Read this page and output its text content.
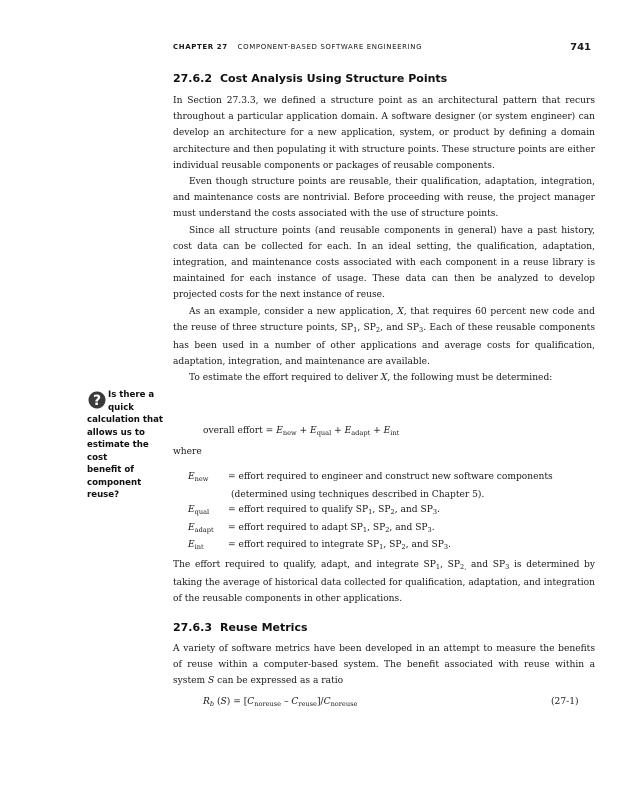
CHAPTER 27 COMPONENT-BASED SOFTWARE ENGINEERING	741
27.6.2 Cost Analysis Using Structure Points

In Section 27.3.3, we defined a structure point as an architectural pattern that recurs throughout a particular application domain. A software designer (or system engineer) can develop an architecture for a new application, system, or product by defining a domain architecture and then populating it with structure points. These structure points are either individual reusable components or packages of reusable components.

Even though structure points are reusable, their qualification, adaptation, integration, and maintenance costs are nontrivial. Before proceeding with reuse, the project manager must understand the costs associated with the use of structure points.

Since all structure points (and reusable components in general) have a past history, cost data can be collected for each. In an ideal setting, the qualification, adaptation, integration, and maintenance costs associated with each component in a reuse library is maintained for each instance of usage. These data can then be analyzed to develop projected costs for the next instance of reuse.

As an example, consider a new application, X, that requires 60 percent new code and the reuse of three structure points, $SP_1$, $SP_2$, and $SP_3$. Each of these reusable components has been used in a number of other applications and average costs for qualification, adaptation, integration, and maintenance are available.

To estimate the effort required to deliver X, the following must be determined:

overall effort = $E_{new} + E_{qual} + E_{adapt} + E_{int}$
where
$E_{new}$ = effort required to engineer and construct new software components
(determined using techniques described in Chapter 5).
$E_{qual}$ = effort required to qualify $SP_1$, $SP_2$, and $SP_3$.
$E_{adapt}$ = effort required to adapt $SP_1$, $SP_2$, and $SP_3$.
$E_{int}$	= effort required to integrate $SP_1$, $SP_2$, and $SP_3$.

The effort required to qualify, adapt, and integrate $SP_1$, $SP_{2,}$ and $SP_3$ is determined by taking the average of historical data collected for qualification, adaptation, and integration of the reusable components in other applications.

27.6.3 Reuse Metrics

A variety of software metrics have been developed in an attempt to measure the benefits of reuse within a computer-based system. The benefit associated with reuse within a system S can be expressed as a ratio

$R_b$ $(S) = [C_{noreuse} - C_{reuse}]/C_{noreuse}$	(27-1)
? Is there a
quick
calculation that
allows us to
estimate the cost
benefit of
component reuse?
